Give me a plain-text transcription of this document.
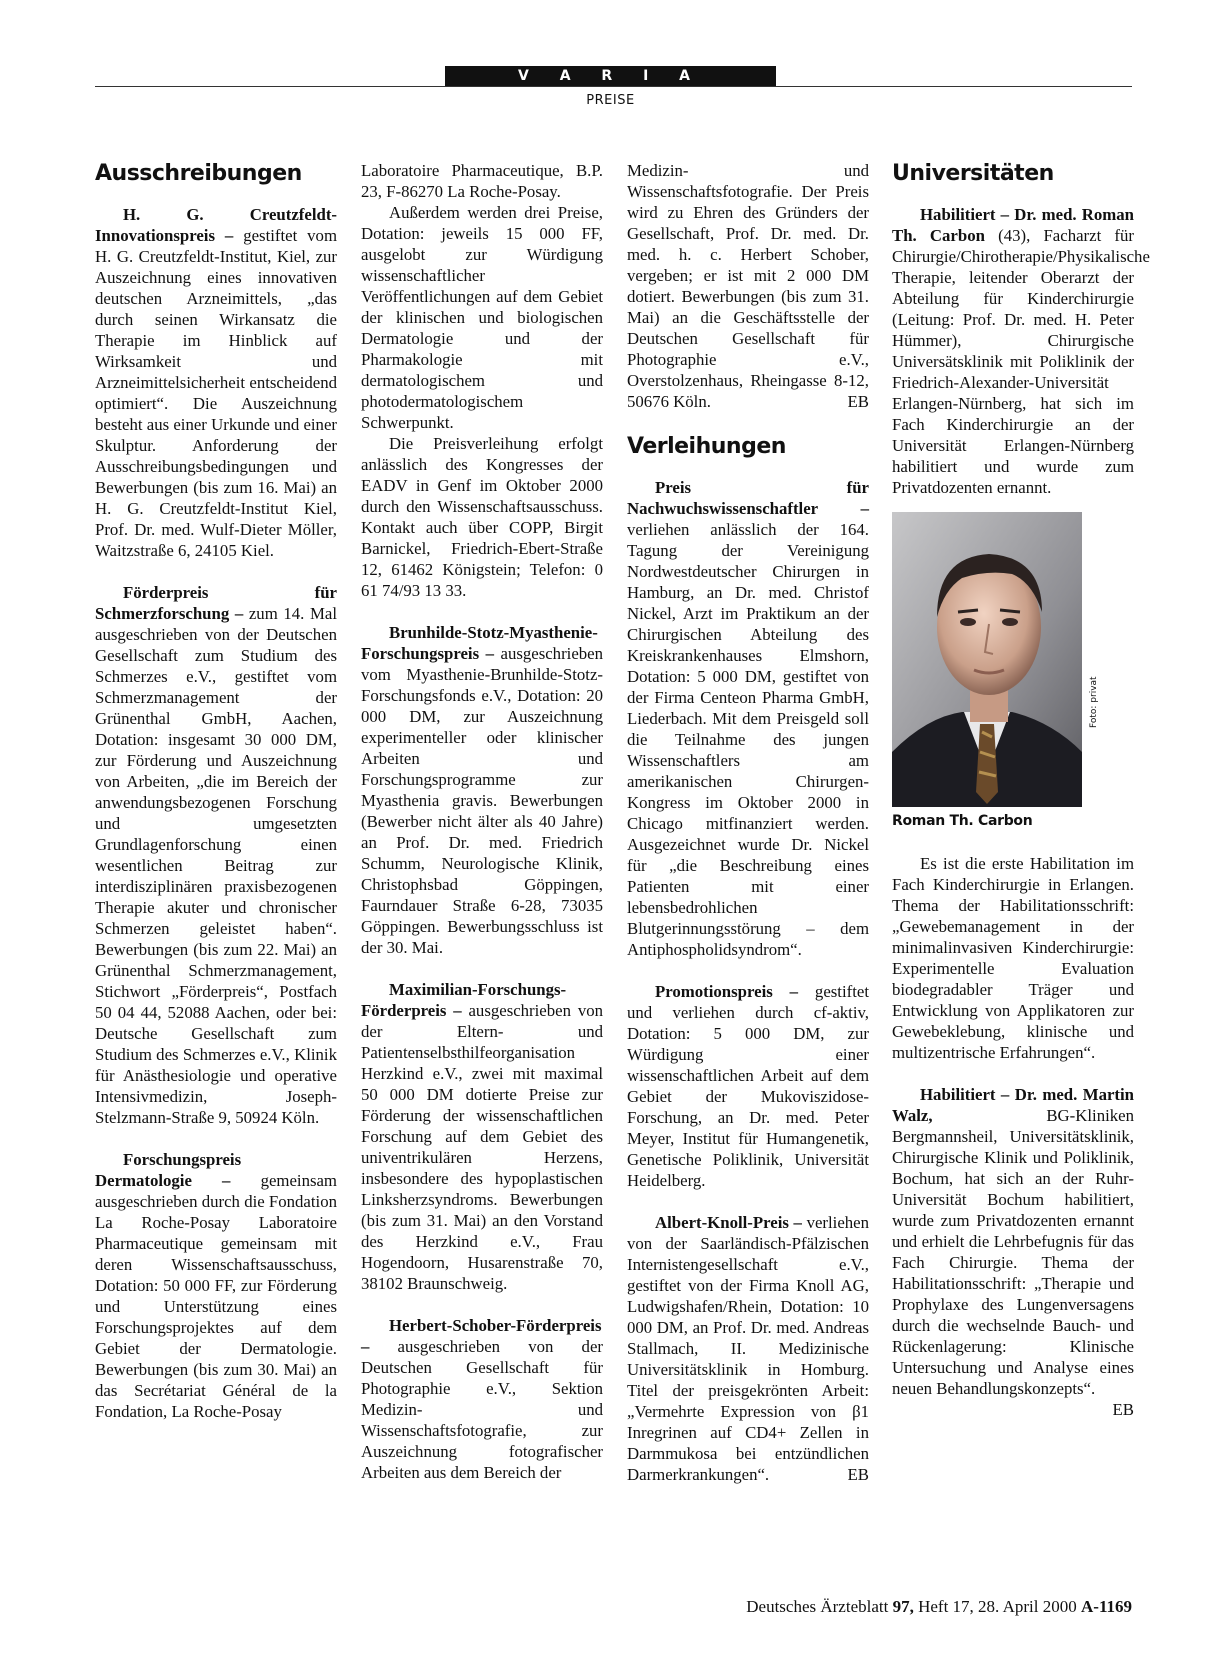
V A R I A
PREISE
Ausschreibungen

H. G. Creutzfeldt-Innovationspreis – gestiftet vom H. G. Creutzfeldt-Institut, Kiel, zur Auszeichnung eines innovativen deutschen Arzneimittels, „das durch seinen Wirkansatz die Therapie im Hinblick auf Wirksamkeit und Arzneimittelsicherheit entscheidend optimiert“. Die Auszeichnung besteht aus einer Urkunde und einer Skulptur. Anforderung der Ausschreibungsbedingungen und Bewerbungen (bis zum 16. Mai) an H. G. Creutzfeldt-Institut Kiel, Prof. Dr. med. Wulf-Dieter Möller, Waitzstraße 6, 24105 Kiel.

Förderpreis für Schmerzforschung – zum 14. Mal ausgeschrieben von der Deutschen Gesellschaft zum Studium des Schmerzes e.V., gestiftet vom Schmerzmanagement der Grünenthal GmbH, Aachen, Dotation: insgesamt 30 000 DM, zur Förderung und Auszeichnung von Arbeiten, „die im Bereich der anwendungsbezogenen Forschung und umgesetzten Grundlagenforschung einen wesentlichen Beitrag zur interdisziplinären praxisbezogenen Therapie akuter und chronischer Schmerzen geleistet haben“. Bewerbungen (bis zum 22. Mai) an Grünenthal Schmerzmanagement, Stichwort „Förderpreis“, Postfach 50 04 44, 52088 Aachen, oder bei: Deutsche Gesellschaft zum Studium des Schmerzes e.V., Klinik für Anästhesiologie und operative Intensivmedizin, Joseph-Stelzmann-Straße 9, 50924 Köln.

Forschungspreis Dermatologie – gemeinsam ausgeschrieben durch die Fondation La Roche-Posay Laboratoire Pharmaceutique gemeinsam mit deren Wissenschaftsausschuss, Dotation: 50 000 FF, zur Förderung und Unterstützung eines Forschungsprojektes auf dem Gebiet der Dermatologie. Bewerbungen (bis zum 30. Mai) an das Secrétariat Général de la Fondation, La Roche-Posay

Laboratoire Pharmaceutique, B.P. 23, F-86270 La Roche-Posay.

Außerdem werden drei Preise, Dotation: jeweils 15 000 FF, ausgelobt zur Würdigung wissenschaftlicher Veröffentlichungen auf dem Gebiet der klinischen und biologischen Dermatologie und der Pharmakologie mit dermatologischem und photodermatologischem Schwerpunkt.

Die Preisverleihung erfolgt anlässlich des Kongresses der EADV in Genf im Oktober 2000 durch den Wissenschaftsausschuss. Kontakt auch über COPP, Birgit Barnickel, Friedrich-Ebert-Straße 12, 61462 Königstein; Telefon: 0 61 74/93 13 33.

Brunhilde-Stotz-Myasthenie-Forschungspreis – ausgeschrieben vom Myasthenie-Brunhilde-Stotz-Forschungsfonds e.V., Dotation: 20 000 DM, zur Auszeichnung experimenteller oder klinischer Arbeiten und Forschungsprogramme zur Myasthenia gravis. Bewerbungen (Bewerber nicht älter als 40 Jahre) an Prof. Dr. med. Friedrich Schumm, Neurologische Klinik, Christophsbad Göppingen, Faurndauer Straße 6-28, 73035 Göppingen. Bewerbungsschluss ist der 30. Mai.

Maximilian-Forschungs-Förderpreis – ausgeschrieben von der Eltern- und Patientenselbsthilfeorganisation Herzkind e.V., zwei mit maximal 50 000 DM dotierte Preise zur Förderung der wissenschaftlichen Forschung auf dem Gebiet des univentrikulären Herzens, insbesondere des hypoplastischen Linksherzsyndroms. Bewerbungen (bis zum 31. Mai) an den Vorstand des Herzkind e.V., Frau Hogendoorn, Husarenstraße 70, 38102 Braunschweig.

Herbert-Schober-Förderpreis – ausgeschrieben von der Deutschen Gesellschaft für Photographie e.V., Sektion Medizin- und Wissenschaftsfotografie, zur Auszeichnung fotografischer Arbeiten aus dem Bereich der

Medizin- und Wissenschaftsfotografie. Der Preis wird zu Ehren des Gründers der Gesellschaft, Prof. Dr. med. Dr. med. h. c. Herbert Schober, vergeben; er ist mit 2 000 DM dotiert. Bewerbungen (bis zum 31. Mai) an die Geschäftsstelle der Deutschen Gesellschaft für Photographie e.V., Overstolzenhaus, Rheingasse 8-12, 50676 Köln.	EB

Verleihungen

Preis für Nachwuchswissenschaftler – verliehen anlässlich der 164. Tagung der Vereinigung Nordwestdeutscher Chirurgen in Hamburg, an Dr. med. Christof Nickel, Arzt im Praktikum an der Chirurgischen Abteilung des Kreiskrankenhauses Elmshorn, Dotation: 5 000 DM, gestiftet von der Firma Centeon Pharma GmbH, Liederbach. Mit dem Preisgeld soll die Teilnahme des jungen Wissenschaftlers am amerikanischen Chirurgen-Kongress im Oktober 2000 in Chicago mitfinanziert werden. Ausgezeichnet wurde Dr. Nickel für „die Beschreibung eines Patienten mit einer lebensbedrohlichen Blutgerinnungsstörung – dem Antiphospholidsyndrom“.

Promotionspreis – gestiftet und verliehen durch cf-aktiv, Dotation: 5 000 DM, zur Würdigung einer wissenschaftlichen Arbeit auf dem Gebiet der Mukoviszidose-Forschung, an Dr. med. Peter Meyer, Institut für Humangenetik, Genetische Poliklinik, Universität Heidelberg.

Albert-Knoll-Preis – verliehen von der Saarländisch-Pfälzischen Internistengesellschaft e.V., gestiftet von der Firma Knoll AG, Ludwigshafen/Rhein, Dotation: 10 000 DM, an Prof. Dr. med. Andreas Stallmach, II. Medizinische Universitätsklinik in Homburg. Titel der preisgekrönten Arbeit: „Vermehrte Expression von β1 Inregrinen auf CD4+ Zellen in Darmmukosa bei entzündlichen Darmerkrankungen“.	EB

Universitäten

Habilitiert – Dr. med. Roman Th. Carbon (43), Facharzt für Chirurgie/Chirotherapie/Physikalische Therapie, leitender Oberarzt der Abteilung für Kinderchirurgie (Leitung: Prof. Dr. med. H. Peter Hümmer), Chirurgische Universätsklinik mit Poliklinik der Friedrich-Alexander-Universität Erlangen-Nürnberg, hat sich im Fach Kinderchirurgie an der Universität Erlangen-Nürnberg habilitiert und wurde zum Privatdozenten ernannt.

Foto: privat
Roman Th. Carbon

Es ist die erste Habilitation im Fach Kinderchirurgie in Erlangen. Thema der Habilitationsschrift: „Gewebemanagement in der minimalinvasiven Kinderchirurgie: Experimentelle Evaluation biodegradabler Träger und Entwicklung von Applikatoren zur Gewebeklebung, klinische und multizentrische Erfahrungen“.

Habilitiert – Dr. med. Martin Walz, BG-Kliniken Bergmannsheil, Universitätsklinik, Chirurgische Klinik und Poliklinik, Bochum, hat sich an der Ruhr-Universität Bochum habilitiert, wurde zum Privatdozenten ernannt und erhielt die Lehrbefugnis für das Fach Chirurgie. Thema der Habilitationsschrift: „Therapie und Prophylaxe des Lungenversagens durch die wechselnde Bauch- und Rückenlagerung: Klinische Untersuchung und Analyse eines neuen Behandlungskonzepts“.
EB

Deutsches Ärzteblatt 97, Heft 17, 28. April 2000 A-1169
